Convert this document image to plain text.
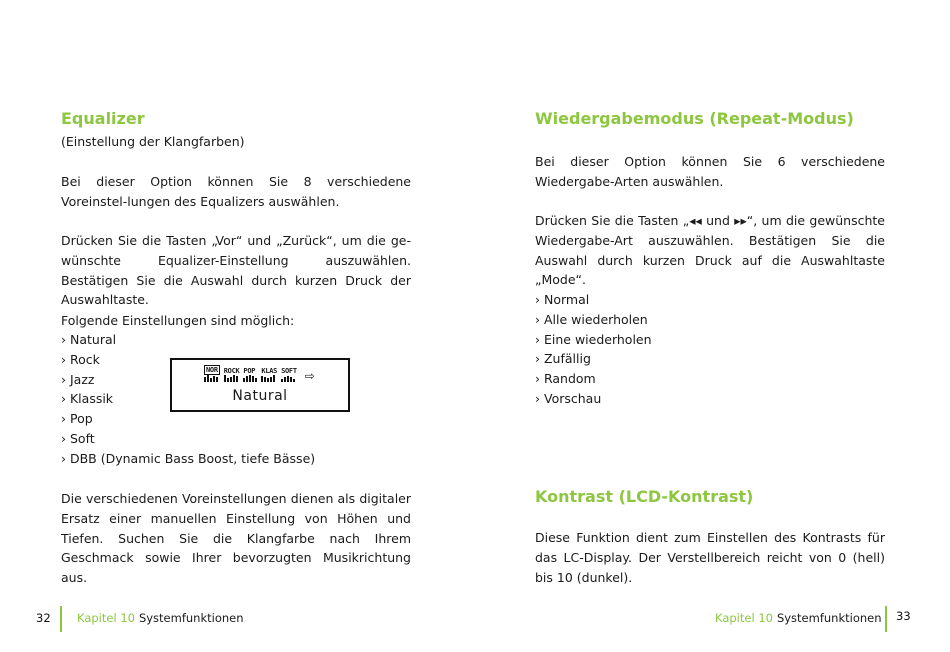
Equalizer

(Einstellung der Klangfarben)

Bei dieser Option können Sie 8 verschiedene Voreinstel-lungen des Equalizers auswählen.

Drücken Sie die Tasten „Vor“ und „Zurück“, um die ge-wünschte Equalizer-Einstellung auszuwählen. Bestätigen Sie die Auswahl durch kurzen Druck der Auswahltaste.

Folgende Einstellungen sind möglich:

› Natural
› Rock
› Jazz
› Klassik
› Pop
› Soft
› DBB (Dynamic Bass Boost, tiefe Bässe)
NOR ROCK POP KLAS SOFT ⇨
Natural

Die verschiedenen Voreinstellungen dienen als digitaler Ersatz einer manuellen Einstellung von Höhen und Tiefen. Suchen Sie die Klangfarbe nach Ihrem Geschmack sowie Ihrer bevorzugten Musikrichtung aus.

32 Kapitel 10 Systemfunktionen
Wiedergabemodus (Repeat-Modus)

Bei dieser Option können Sie 6 verschiedene Wiedergabe-Arten auswählen.

Drücken Sie die Tasten „◂◂ und ▸▸“, um die gewünschte Wiedergabe-Art auszuwählen. Bestätigen Sie die Auswahl durch kurzen Druck auf die Auswahltaste „Mode“.

› Normal
› Alle wiederholen
› Eine wiederholen
› Zufällig
› Random
› Vorschau
Kontrast (LCD-Kontrast)

Diese Funktion dient zum Einstellen des Kontrasts für das LC-Display. Der Verstellbereich reicht von 0 (hell) bis 10 (dunkel).

Kapitel 10 Systemfunktionen 33
